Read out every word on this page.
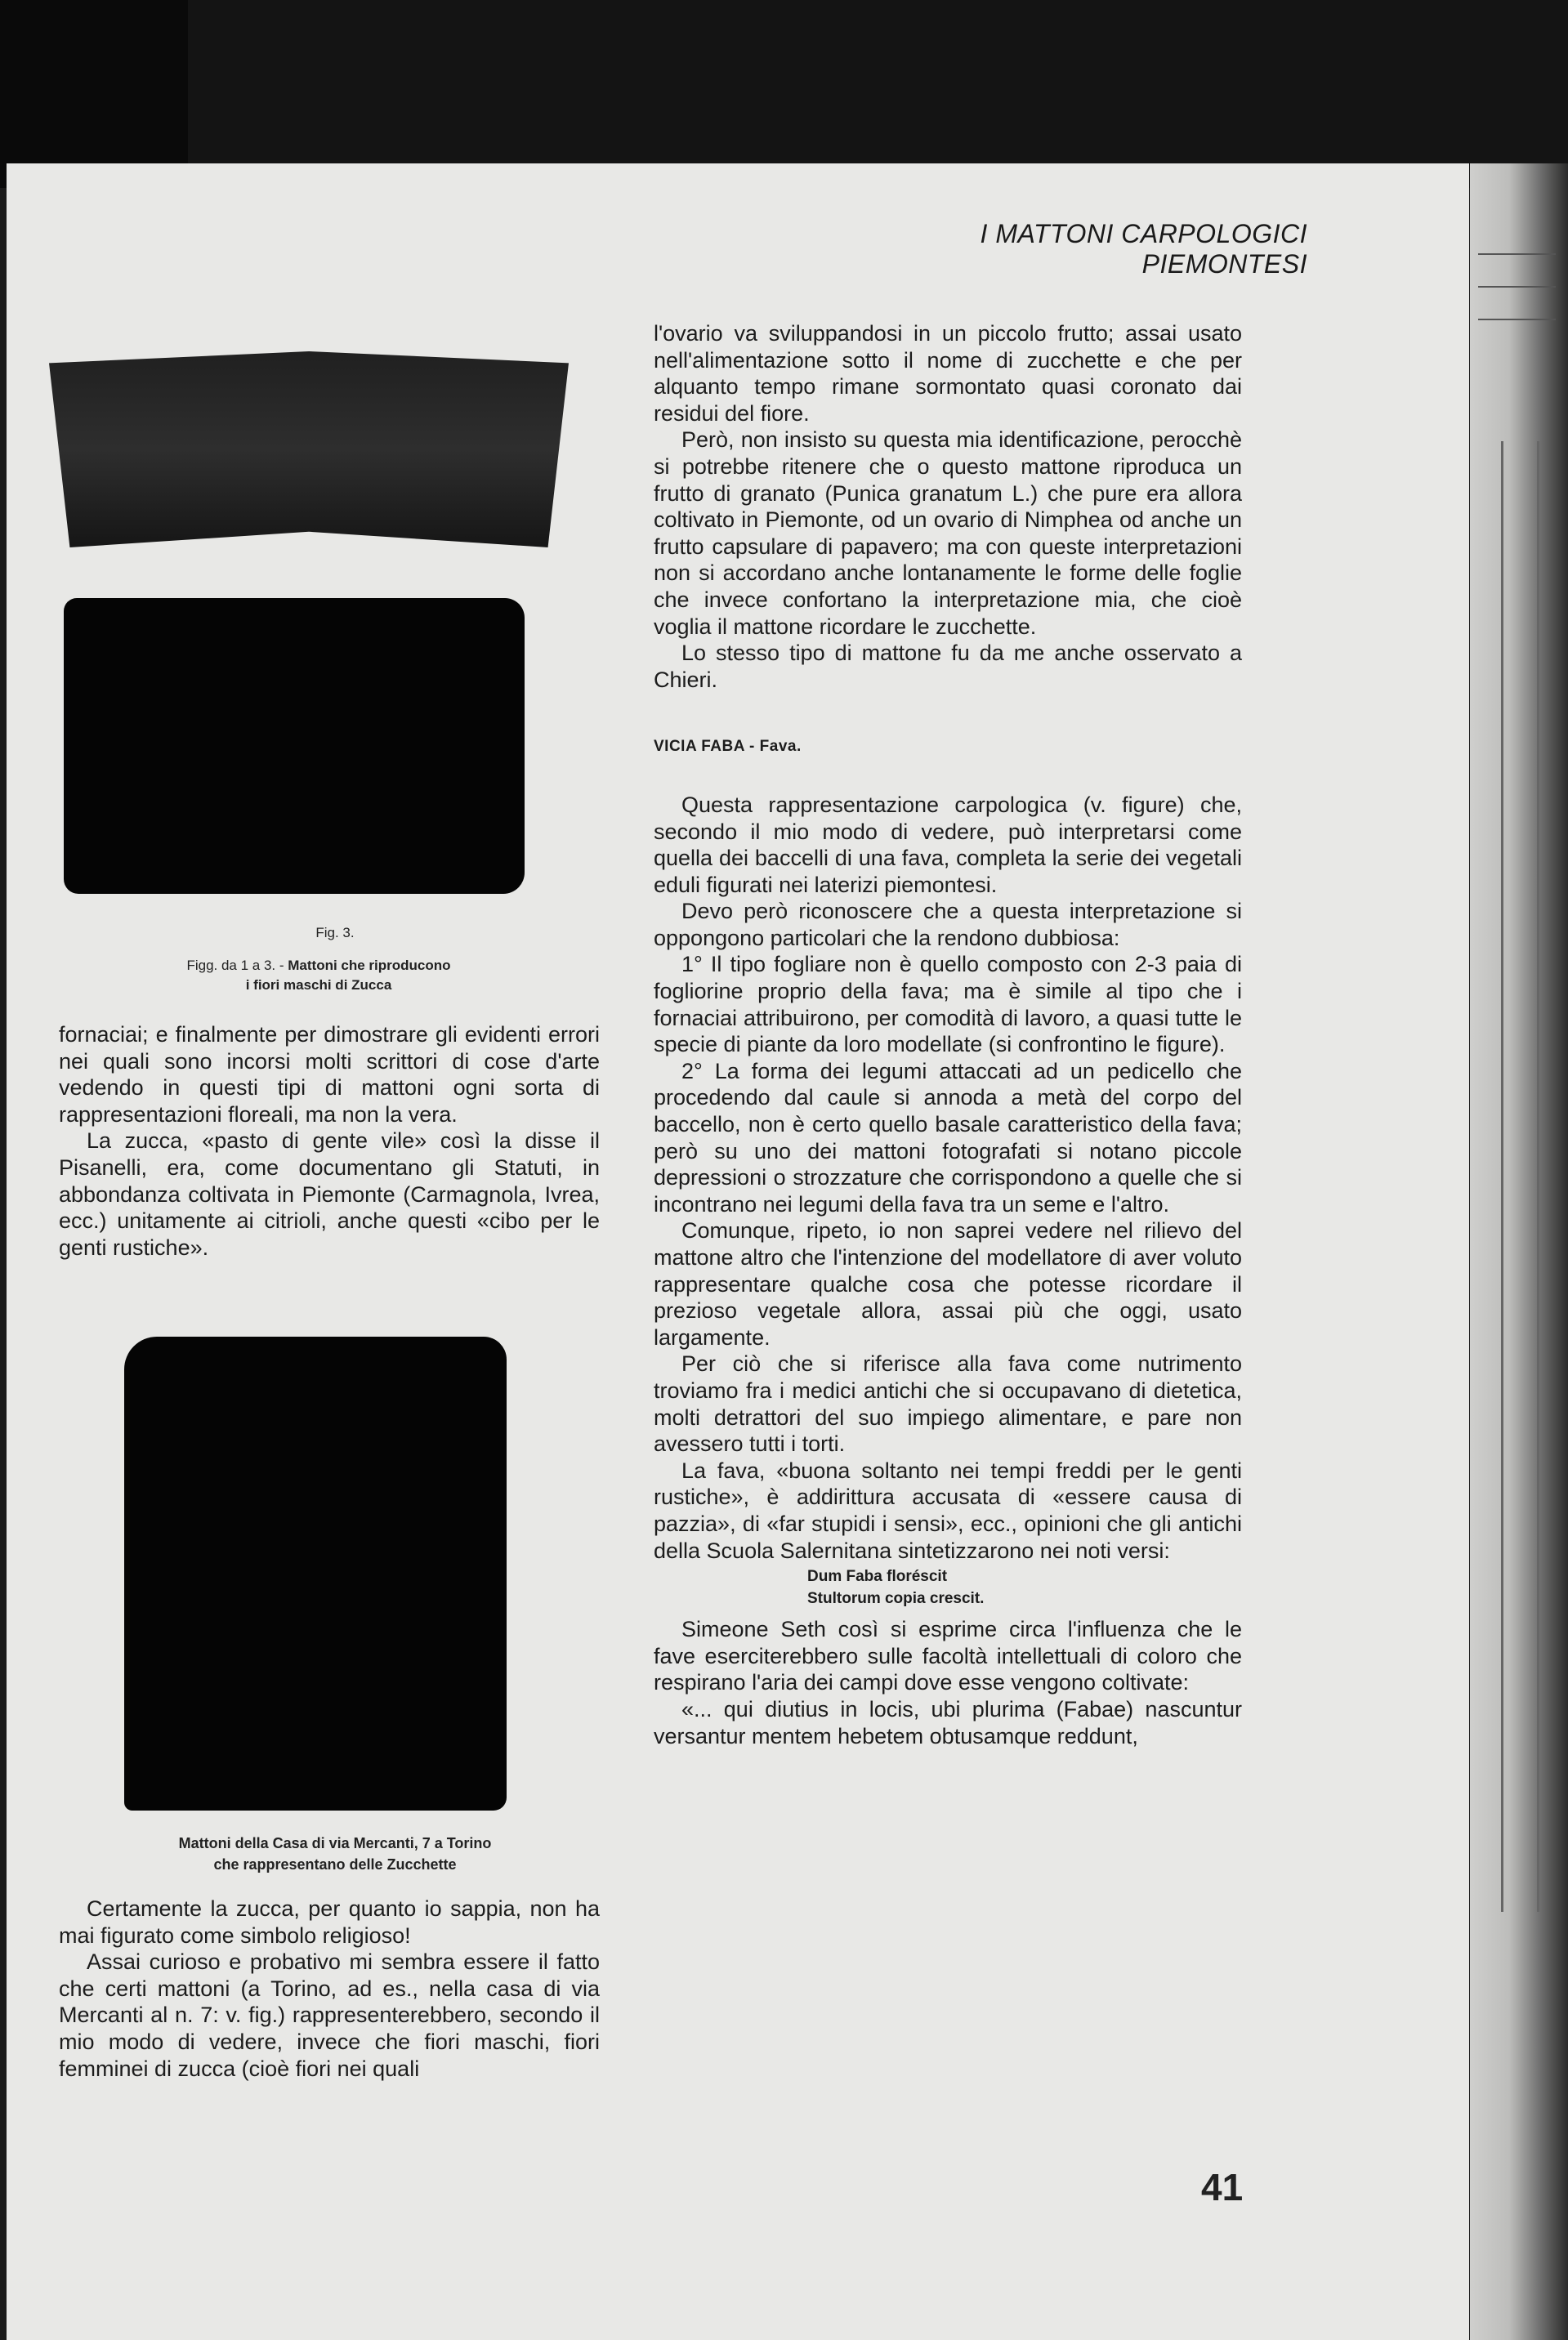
I MATTONI CARPOLOGICI PIEMONTESI
Fig. 3.
Figg. da 1 a 3. - Mattoni che riproducono
i fiori maschi di Zucca

fornaciai; e finalmente per dimostrare gli evidenti errori nei quali sono incorsi molti scrittori di cose d'arte vedendo in questi tipi di mattoni ogni sorta di rappresentazioni floreali, ma non la vera.

La zucca, «pasto di gente vile» così la disse il Pisanelli, era, come documentano gli Statuti, in abbondanza coltivata in Piemonte (Carmagnola, Ivrea, ecc.) unitamente ai citrioli, anche questi «cibo per le genti rustiche».

Mattoni della Casa di via Mercanti, 7 a Torino
che rappresentano delle Zucchette

Certamente la zucca, per quanto io sappia, non ha mai figurato come simbolo religioso!

Assai curioso e probativo mi sembra essere il fatto che certi mattoni (a Torino, ad es., nella casa di via Mercanti al n. 7: v. fig.) rappresenterebbero, secondo il mio modo di vedere, invece che fiori maschi, fiori femminei di zucca (cioè fiori nei quali

l'ovario va sviluppandosi in un piccolo frutto; assai usato nell'alimentazione sotto il nome di zucchette e che per alquanto tempo rimane sormontato quasi coronato dai residui del fiore.

Però, non insisto su questa mia identificazione, perocchè si potrebbe ritenere che o questo mattone riproduca un frutto di granato (Punica granatum L.) che pure era allora coltivato in Piemonte, od un ovario di Nimphea od anche un frutto capsulare di papavero; ma con queste interpretazioni non si accordano anche lontanamente le forme delle foglie che invece confortano la interpretazione mia, che cioè voglia il mattone ricordare le zucchette.

Lo stesso tipo di mattone fu da me anche osservato a Chieri.

VICIA FABA - Fava.

Questa rappresentazione carpologica (v. figure) che, secondo il mio modo di vedere, può interpretarsi come quella dei baccelli di una fava, completa la serie dei vegetali eduli figurati nei laterizi piemontesi.

Devo però riconoscere che a questa interpretazione si oppongono particolari che la rendono dubbiosa:

1° Il tipo fogliare non è quello composto con 2-3 paia di fogliorine proprio della fava; ma è simile al tipo che i fornaciai attribuirono, per comodità di lavoro, a quasi tutte le specie di piante da loro modellate (si confrontino le figure).

2° La forma dei legumi attaccati ad un pedicello che procedendo dal caule si annoda a metà del corpo del baccello, non è certo quello basale caratteristico della fava; però su uno dei mattoni fotografati si notano piccole depressioni o strozzature che corrispondono a quelle che si incontrano nei legumi della fava tra un seme e l'altro.

Comunque, ripeto, io non saprei vedere nel rilievo del mattone altro che l'intenzione del modellatore di aver voluto rappresentare qualche cosa che potesse ricordare il prezioso vegetale allora, assai più che oggi, usato largamente.

Per ciò che si riferisce alla fava come nutrimento troviamo fra i medici antichi che si occupavano di dietetica, molti detrattori del suo impiego alimentare, e pare non avessero tutti i torti.

La fava, «buona soltanto nei tempi freddi per le genti rustiche», è addirittura accusata di «essere causa di pazzia», di «far stupidi i sensi», ecc., opinioni che gli antichi della Scuola Salernitana sintetizzarono nei noti versi:

Dum Faba floréscit
Stultorum copia crescit.

Simeone Seth così si esprime circa l'influenza che le fave eserciterebbero sulle facoltà intellettuali di coloro che respirano l'aria dei campi dove esse vengono coltivate:

«... qui diutius in locis, ubi plurima (Fabae) nascuntur versantur mentem hebetem obtusamque reddunt,

41
